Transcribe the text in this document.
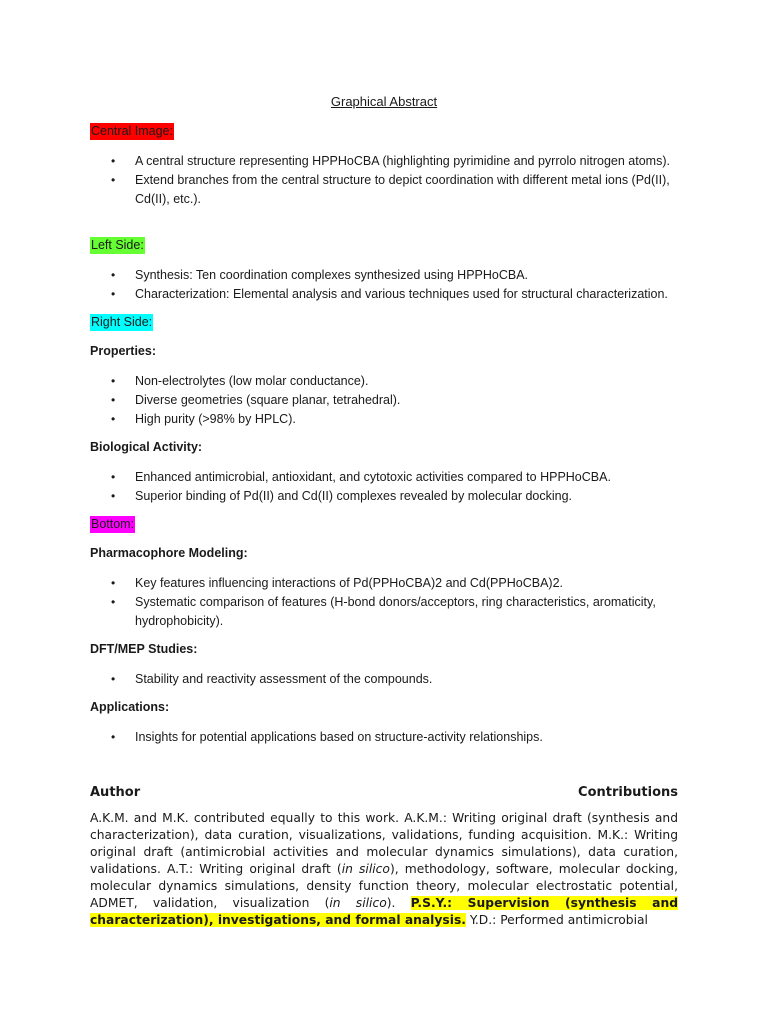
Graphical Abstract
Central Image:
• A central structure representing HPPHoCBA (highlighting pyrimidine and pyrrolo nitrogen atoms).
• Extend branches from the central structure to depict coordination with different metal ions (Pd(II), Cd(II), etc.).
Left Side:
• Synthesis: Ten coordination complexes synthesized using HPPHoCBA.
• Characterization: Elemental analysis and various techniques used for structural characterization.
Right Side:
Properties:
• Non-electrolytes (low molar conductance).
• Diverse geometries (square planar, tetrahedral).
• High purity (>98% by HPLC).
Biological Activity:
• Enhanced antimicrobial, antioxidant, and cytotoxic activities compared to HPPHoCBA.
• Superior binding of Pd(II) and Cd(II) complexes revealed by molecular docking.
Bottom:
Pharmacophore Modeling:
• Key features influencing interactions of Pd(PPHoCBA)2 and Cd(PPHoCBA)2.
• Systematic comparison of features (H-bond donors/acceptors, ring characteristics, aromaticity, hydrophobicity).
DFT/MEP Studies:
• Stability and reactivity assessment of the compounds.
Applications:
• Insights for potential applications based on structure-activity relationships.
Author	Contributions
A.K.M. and M.K. contributed equally to this work. A.K.M.: Writing original draft (synthesis and characterization), data curation, visualizations, validations, funding acquisition. M.K.: Writing original draft (antimicrobial activities and molecular dynamics simulations), data curation, validations. A.T.: Writing original draft (in silico), methodology, software, molecular docking, molecular dynamics simulations, density function theory, molecular electrostatic potential, ADMET, validation, visualization (in silico). P.S.Y.: Supervision (synthesis and characterization), investigations, and formal analysis. Y.D.: Performed antimicrobial
